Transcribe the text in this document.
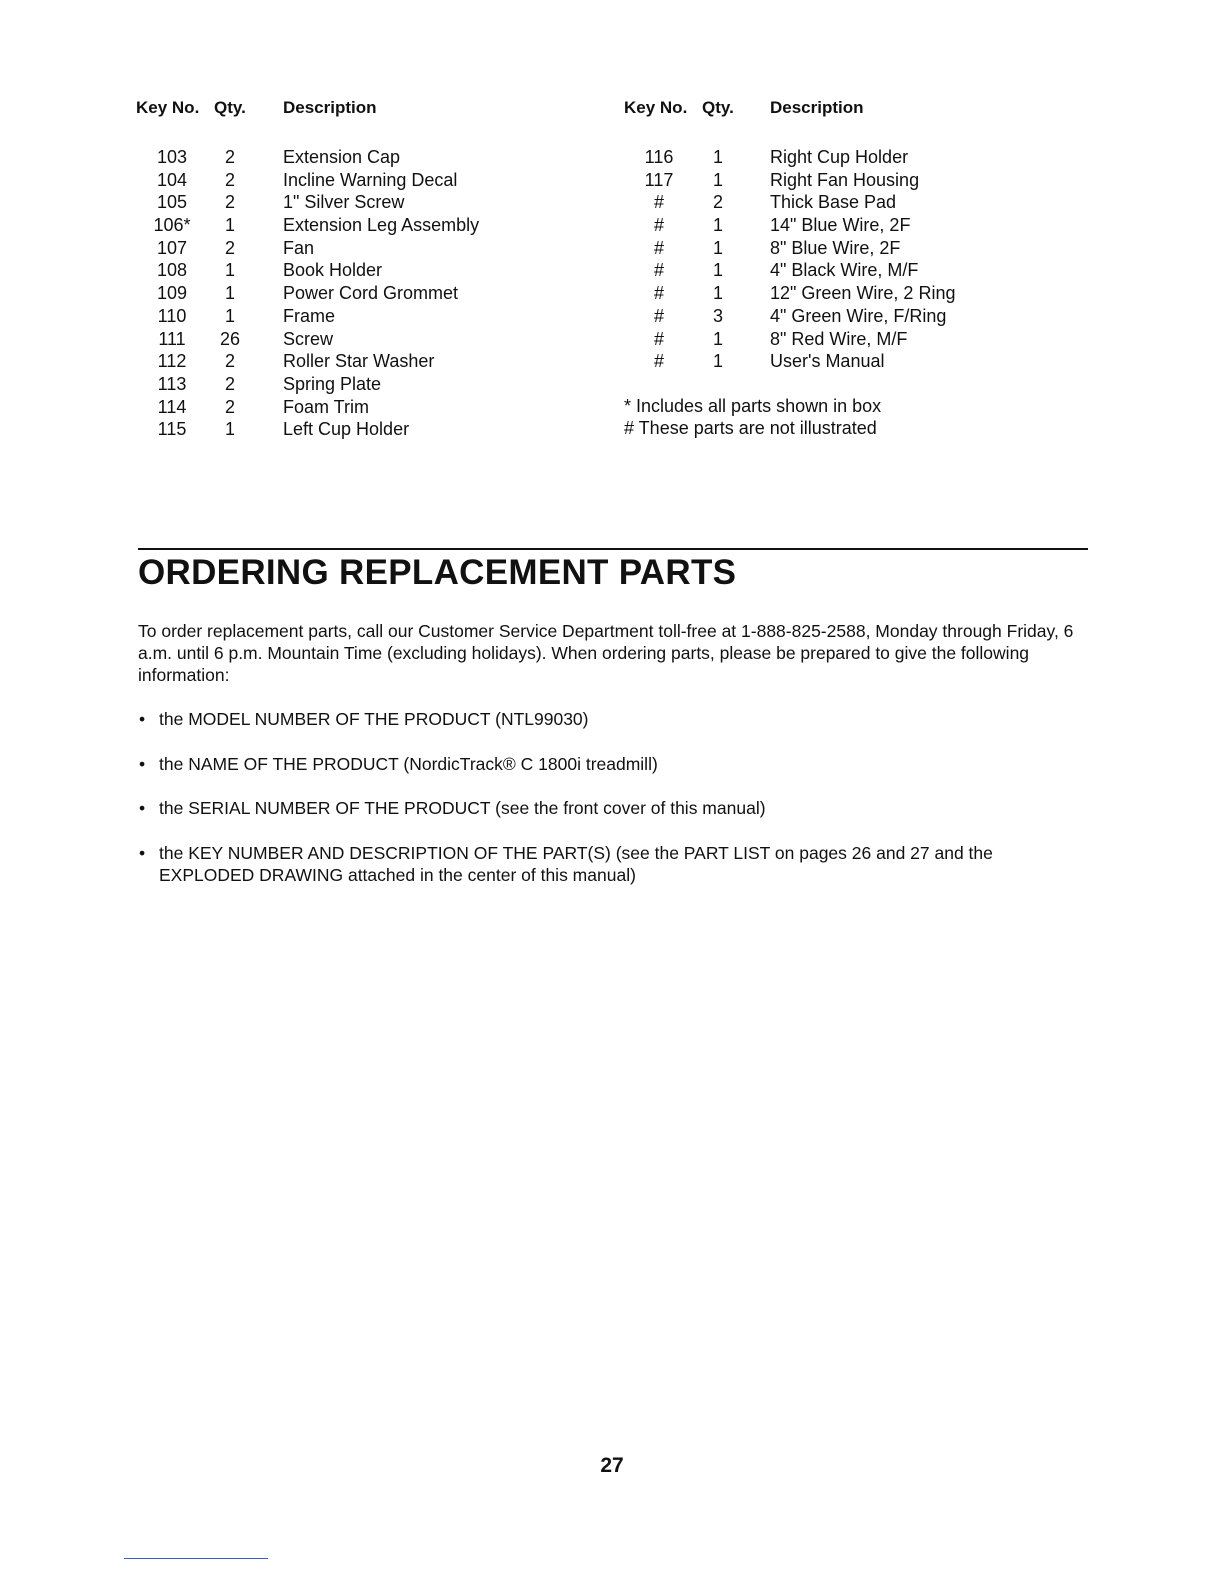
Key No. Qty. Description
103	2	Extension Cap
104	2	Incline Warning Decal
105	2	1" Silver Screw
106*	1	Extension Leg Assembly
107	2	Fan
108	1	Book Holder
109	1	Power Cord Grommet
110	1	Frame
111	26 Screw
112	2	Roller Star Washer
113	2	Spring Plate
114	2	Foam Trim
115	1	Left Cup Holder
Key No. Qty. Description
116	1	Right Cup Holder
117	1	Right Fan Housing
#	2	Thick Base Pad
#	1	14" Blue Wire, 2F
#	1	8" Blue Wire, 2F
#	1	4" Black Wire, M/F
#	1	12" Green Wire, 2 Ring
#	3	4" Green Wire, F/Ring
#	1	8" Red Wire, M/F
#	1	User's Manual
* Includes all parts shown in box
# These parts are not illustrated
ORDERING REPLACEMENT PARTS

To order replacement parts, call our Customer Service Department toll-free at 1-888-825-2588, Monday through Friday, 6 a.m. until 6 p.m. Mountain Time (excluding holidays). When ordering parts, please be prepared to give the following information:

• the MODEL NUMBER OF THE PRODUCT (NTL99030)
• the NAME OF THE PRODUCT (NordicTrack® C 1800i treadmill)
• the SERIAL NUMBER OF THE PRODUCT (see the front cover of this manual)
• the KEY NUMBER AND DESCRIPTION OF THE PART(S) (see the PART LIST on pages 26 and 27 and the EXPLODED DRAWING attached in the center of this manual)
27
